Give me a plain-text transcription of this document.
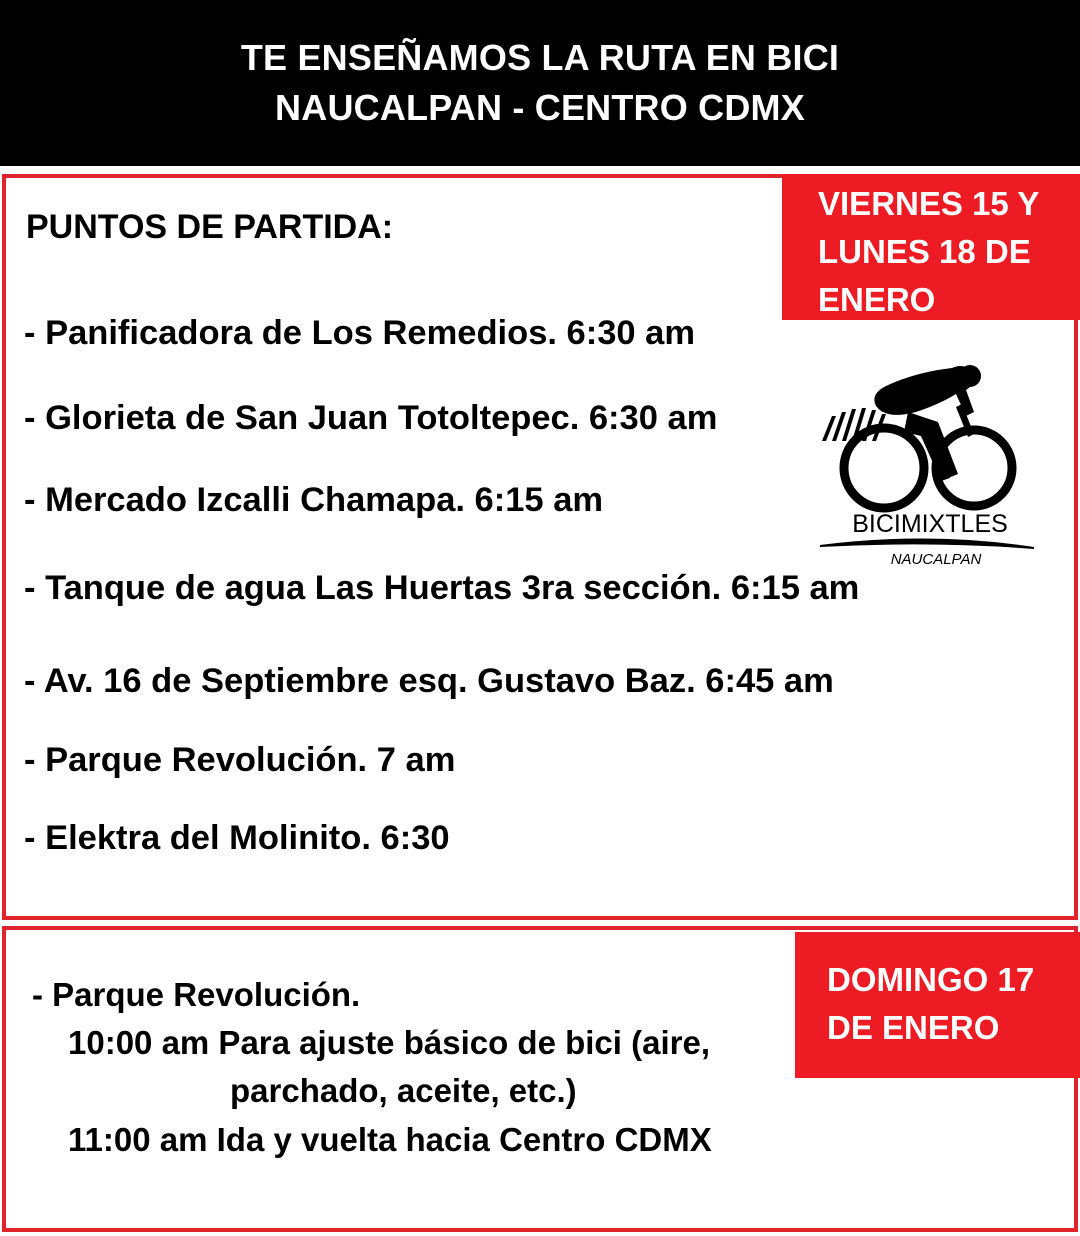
TE ENSEÑAMOS LA RUTA EN BICI
NAUCALPAN - CENTRO CDMX
VIERNES 15 Y
LUNES 18 DE
ENERO
PUNTOS DE PARTIDA:
- Panificadora de Los Remedios. 6:30 am
- Glorieta de San Juan Totoltepec. 6:30 am
- Mercado Izcalli Chamapa. 6:15 am
- Tanque de agua Las Huertas 3ra sección. 6:15 am
- Av. 16 de Septiembre esq. Gustavo Baz. 6:45 am
- Parque Revolución. 7 am
- Elektra del Molinito. 6:30
BICIMIXTLES
NAUCALPAN
DOMINGO 17
DE ENERO
- Parque Revolución.
10:00 am Para ajuste básico de bici (aire,
parchado, aceite, etc.)
11:00 am Ida y vuelta hacia Centro CDMX
